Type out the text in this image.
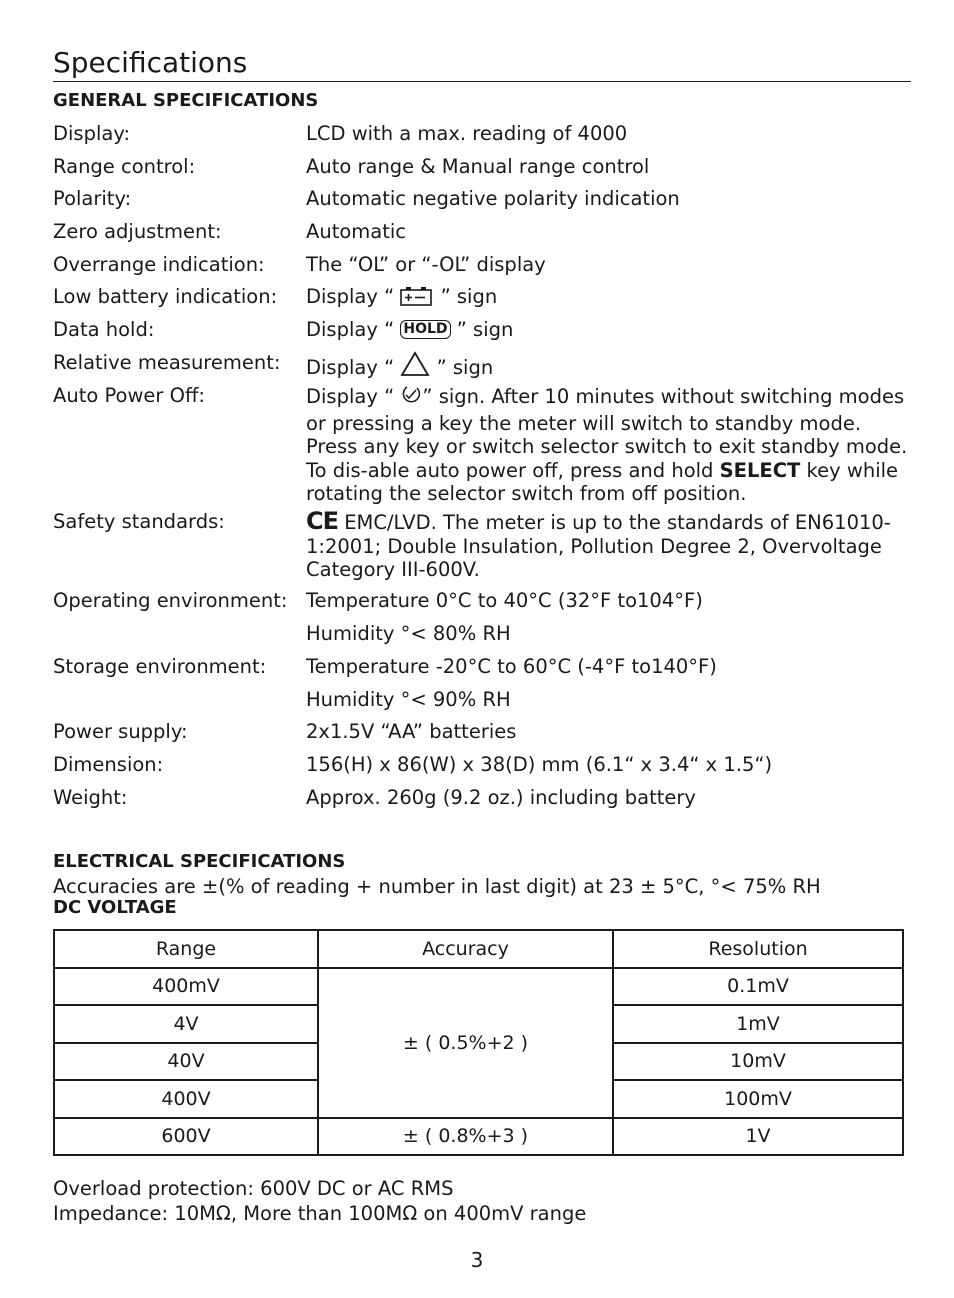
Specifications
GENERAL SPECIFICATIONS
Display:	LCD with a max. reading of 4000
Range control:	Auto range & Manual range control
Polarity:	Automatic negative polarity indication
Zero adjustment:	Automatic
Overrange indication: The “OL” or “-OL” display
Low battery indication: Display “  ” sign
Data hold:	Display “ HOLD ” sign
Relative measurement: Display “  ” sign
Auto Power Off:	Display “ ” sign. After 10 minutes without switching modes or pressing a key the meter will switch to standby mode. Press any key or switch selector switch to exit standby mode. To dis-able auto power off, press and hold SELECT key while rotating the selector switch from off position.
Safety standards:	CE EMC/LVD. The meter is up to the standards of EN61010-1:2001; Double Insulation, Pollution Degree 2, Overvoltage Category III-600V.
Operating environment: Temperature 0°C to 40°C (32°F to104°F)
Humidity °< 80% RH
Storage environment: Temperature -20°C to 60°C (-4°F to140°F)
Humidity °< 90% RH
Power supply:	2x1.5V “AA” batteries
Dimension:	156(H) x 86(W) x 38(D) mm (6.1“ x 3.4“ x 1.5“)
Weight:	Approx. 260g (9.2 oz.) including battery
ELECTRICAL SPECIFICATIONS
Accuracies are ±(% of reading + number in last digit) at 23 ± 5°C, °< 75% RH
DC VOLTAGE
Range	Accuracy	Resolution
400mV	± ( 0.5%+2 )	0.1mV
4V		1mV
40V		10mV
400V		100mV
600V	± ( 0.8%+3 )	1V
Overload protection: 600V DC or AC RMS
Impedance: 10MΩ, More than 100MΩ on 400mV range
3
